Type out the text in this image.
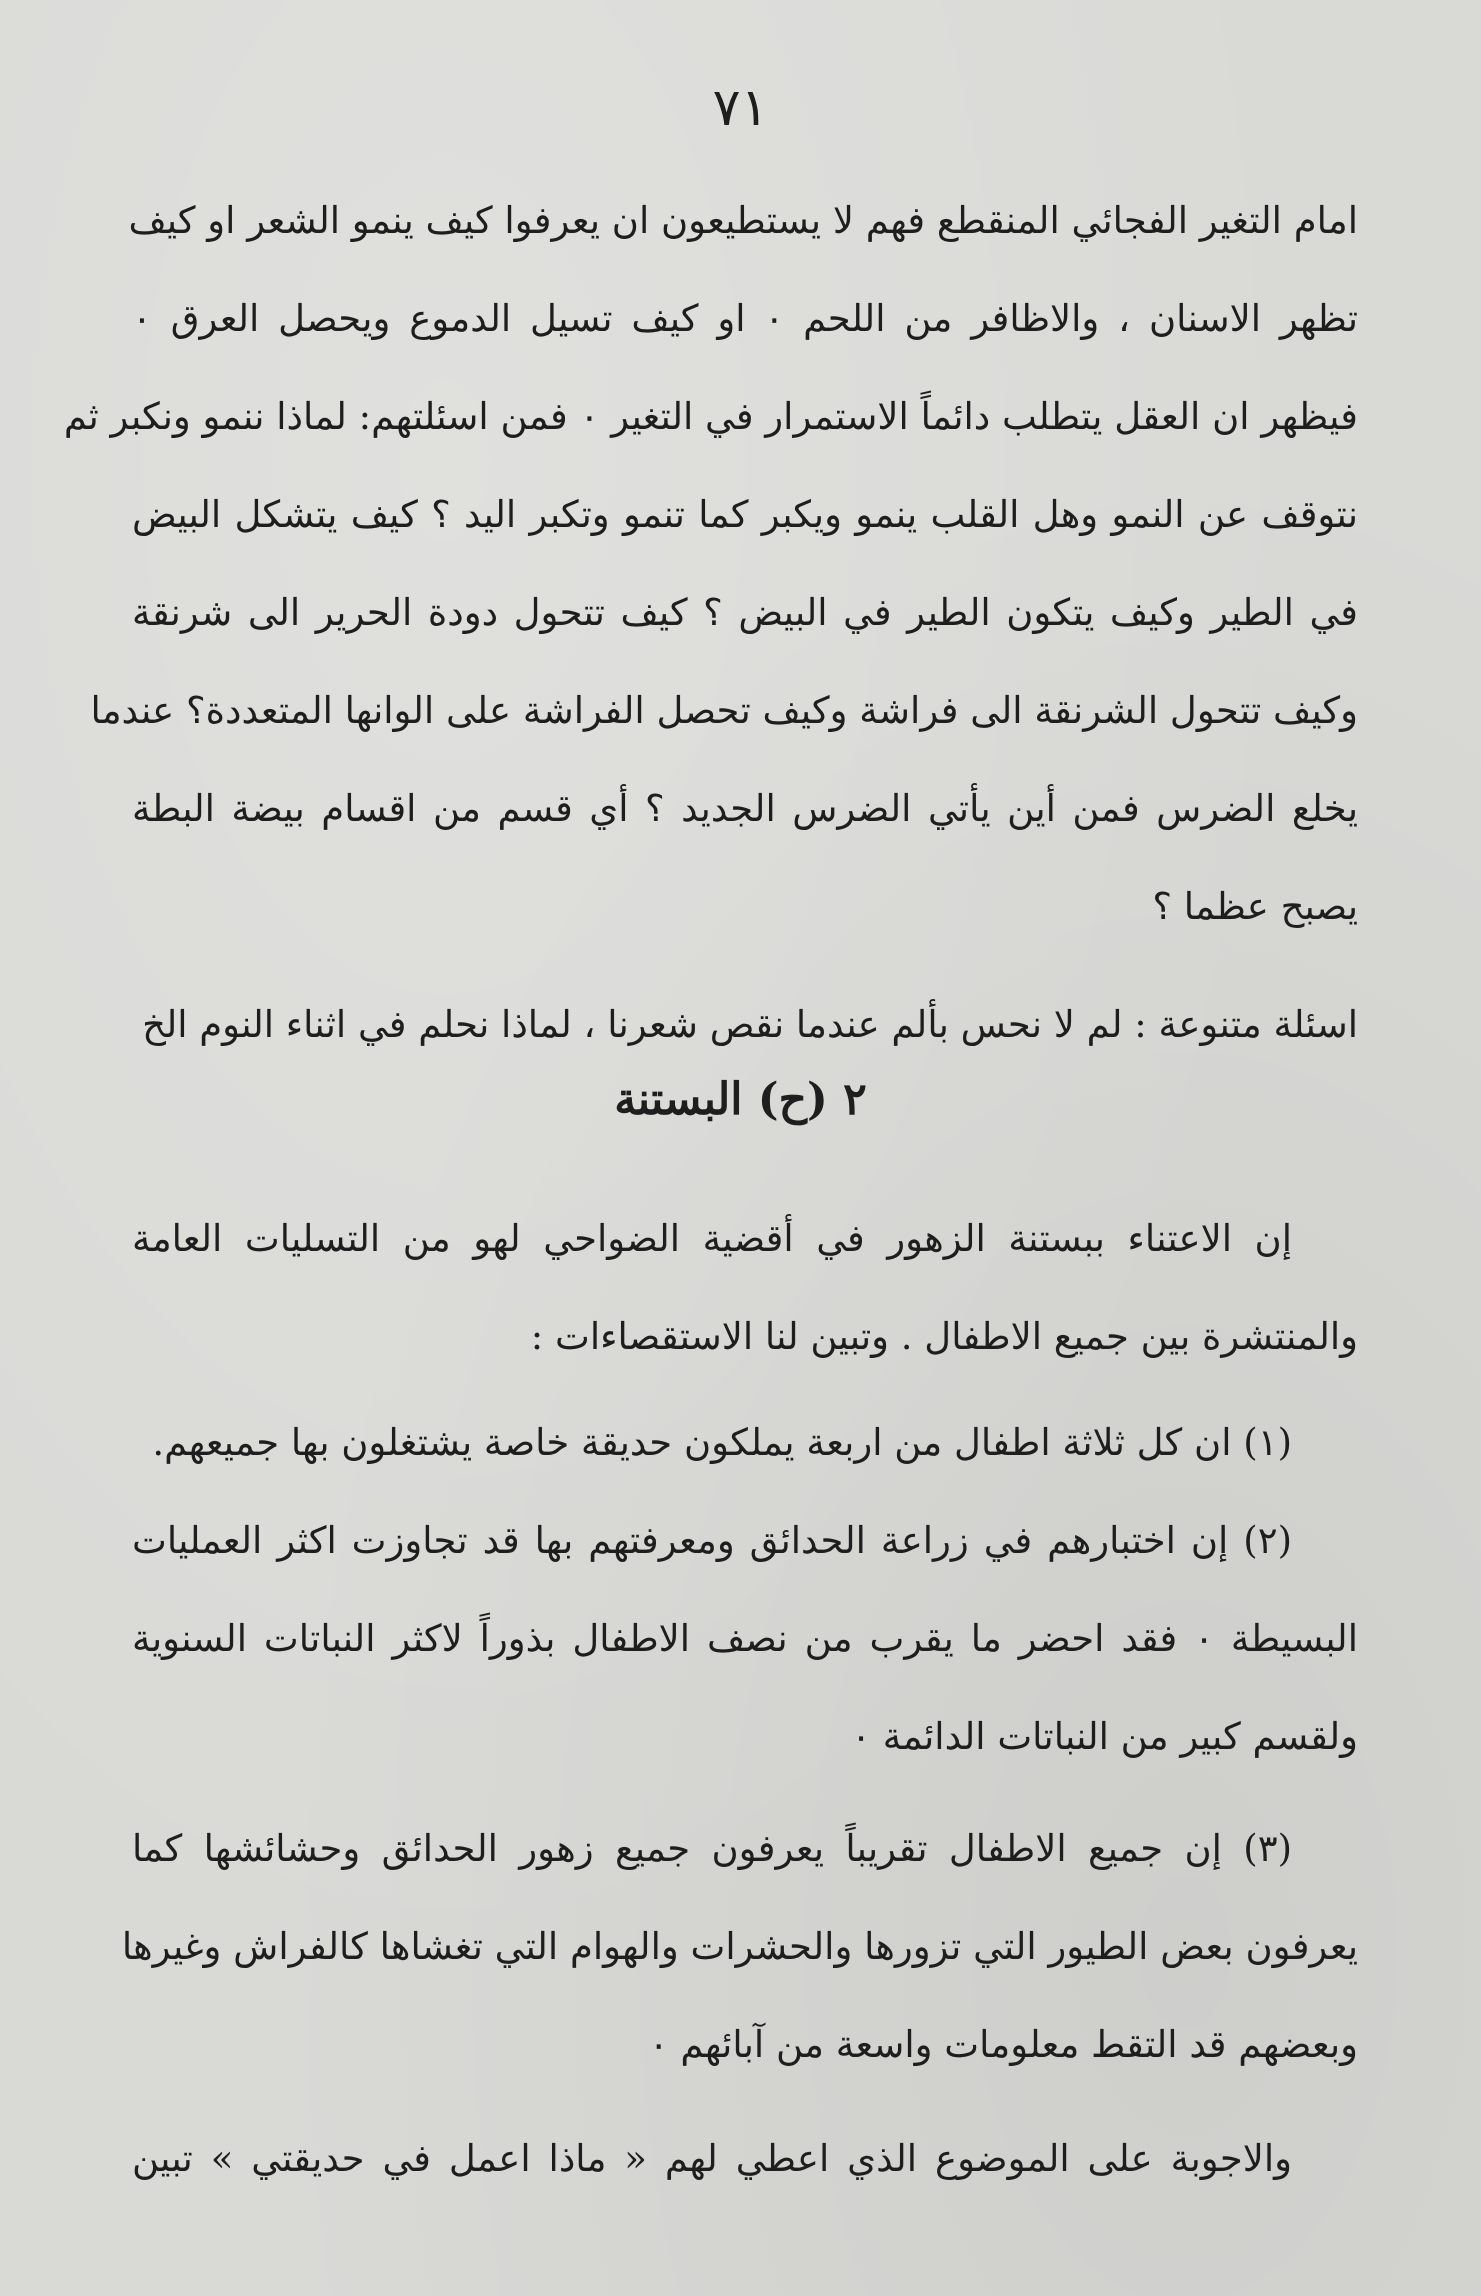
٧١
امام التغير الفجائي المنقطع فهم لا يستطيعون ان يعرفوا كيف ينمو الشعر او كيف
تظهر الاسنان ، والاظافر من اللحم ٠ او كيف تسيل الدموع ويحصل العرق ٠
فيظهر ان العقل يتطلب دائماً الاستمرار في التغير ٠ فمن اسئلتهم: لماذا ننمو ونكبر ثم
نتوقف عن النمو وهل القلب ينمو ويكبر كما تنمو وتكبر اليد ؟ كيف يتشكل البيض
في الطير وكيف يتكون الطير في البيض ؟ كيف تتحول دودة الحرير الى شرنقة
وكيف تتحول الشرنقة الى فراشة وكيف تحصل الفراشة على الوانها المتعددة؟ عندما
يخلع الضرس فمن أين يأتي الضرس الجديد ؟ أي قسم من اقسام بيضة البطة
يصبح عظما ؟
اسئلة متنوعة : لم لا نحس بألم عندما نقص شعرنا ، لماذا نحلم في اثناء النوم الخ
٢ (ح) البستنة
إن الاعتناء ببستنة الزهور في أقضية الضواحي لهو من التسليات العامة
والمنتشرة بين جميع الاطفال . وتبين لنا الاستقصاءات :
(١) ان كل ثلاثة اطفال من اربعة يملكون حديقة خاصة يشتغلون بها جميعهم.
(٢) إن اختبارهم في زراعة الحدائق ومعرفتهم بها قد تجاوزت اكثر العمليات
البسيطة ٠ فقد احضر ما يقرب من نصف الاطفال بذوراً لاكثر النباتات السنوية
ولقسم كبير من النباتات الدائمة ٠
(٣) إن جميع الاطفال تقريباً يعرفون جميع زهور الحدائق وحشائشها كما
يعرفون بعض الطيور التي تزورها والحشرات والهوام التي تغشاها كالفراش وغيرها
وبعضهم قد التقط معلومات واسعة من آبائهم ٠
والاجوبة على الموضوع الذي اعطي لهم « ماذا اعمل في حديقتي » تبين
